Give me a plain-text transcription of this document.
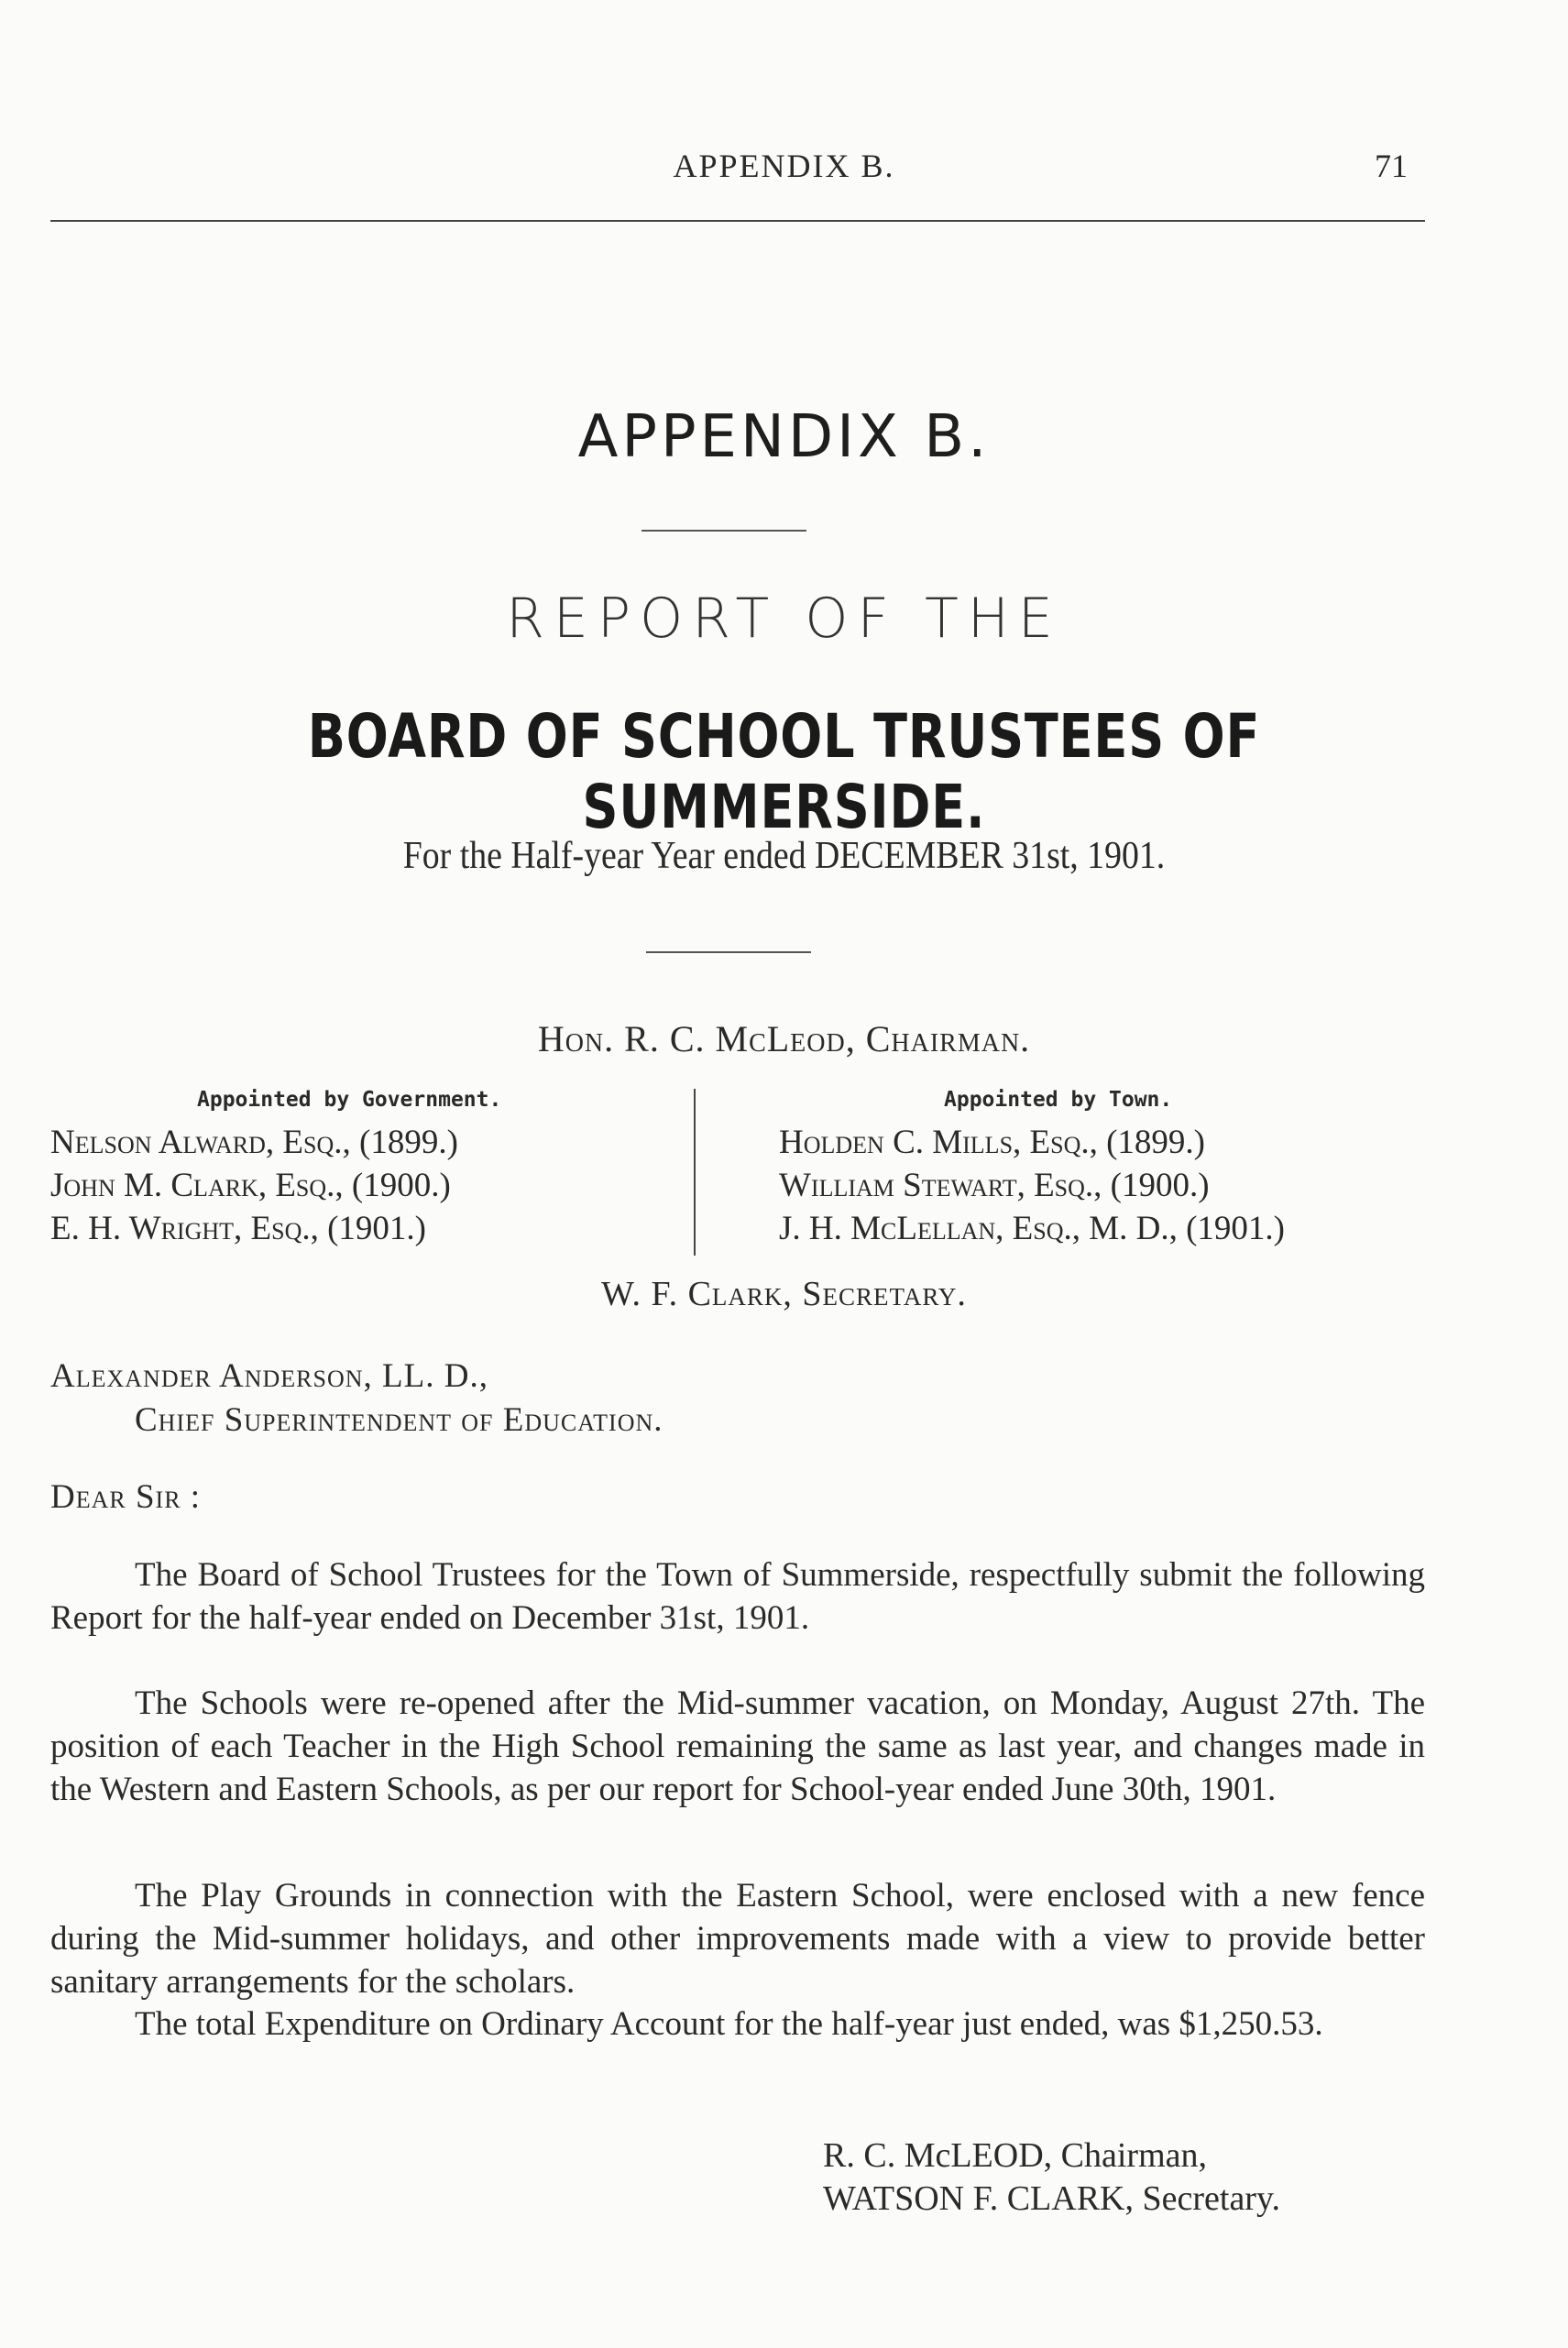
APPENDIX B.	71
APPENDIX B.
REPORT OF THE
BOARD OF SCHOOL TRUSTEES OF SUMMERSIDE.
For the Half-year Year ended DECEMBER 31st, 1901.
Hon. R. C. McLeod, Chairman.
Appointed by Government.	Appointed by Town.
Nelson Alward, Esq., (1899.)
John M. Clark, Esq., (1900.)
E. H. Wright, Esq., (1901.)
Holden C. Mills, Esq., (1899.)
William Stewart, Esq., (1900.)
J. H. McLellan, Esq., M. D., (1901.)
W. F. Clark, Secretary.
Alexander Anderson, LL. D.,
Chief Superintendent of Education.
Dear Sir :

The Board of School Trustees for the Town of Summerside, respectfully submit the following Report for the half-year ended on December 31st, 1901.

The Schools were re-opened after the Mid-summer vacation, on Monday, August 27th. The position of each Teacher in the High School remaining the same as last year, and changes made in the Western and Eastern Schools, as per our report for School-year ended June 30th, 1901.

The Play Grounds in connection with the Eastern School, were enclosed with a new fence during the Mid-summer holidays, and other improvements made with a view to provide better sanitary arrangements for the scholars.

The total Expenditure on Ordinary Account for the half-year just ended, was $1,250.53.

R. C. McLEOD, Chairman,
WATSON F. CLARK, Secretary.
